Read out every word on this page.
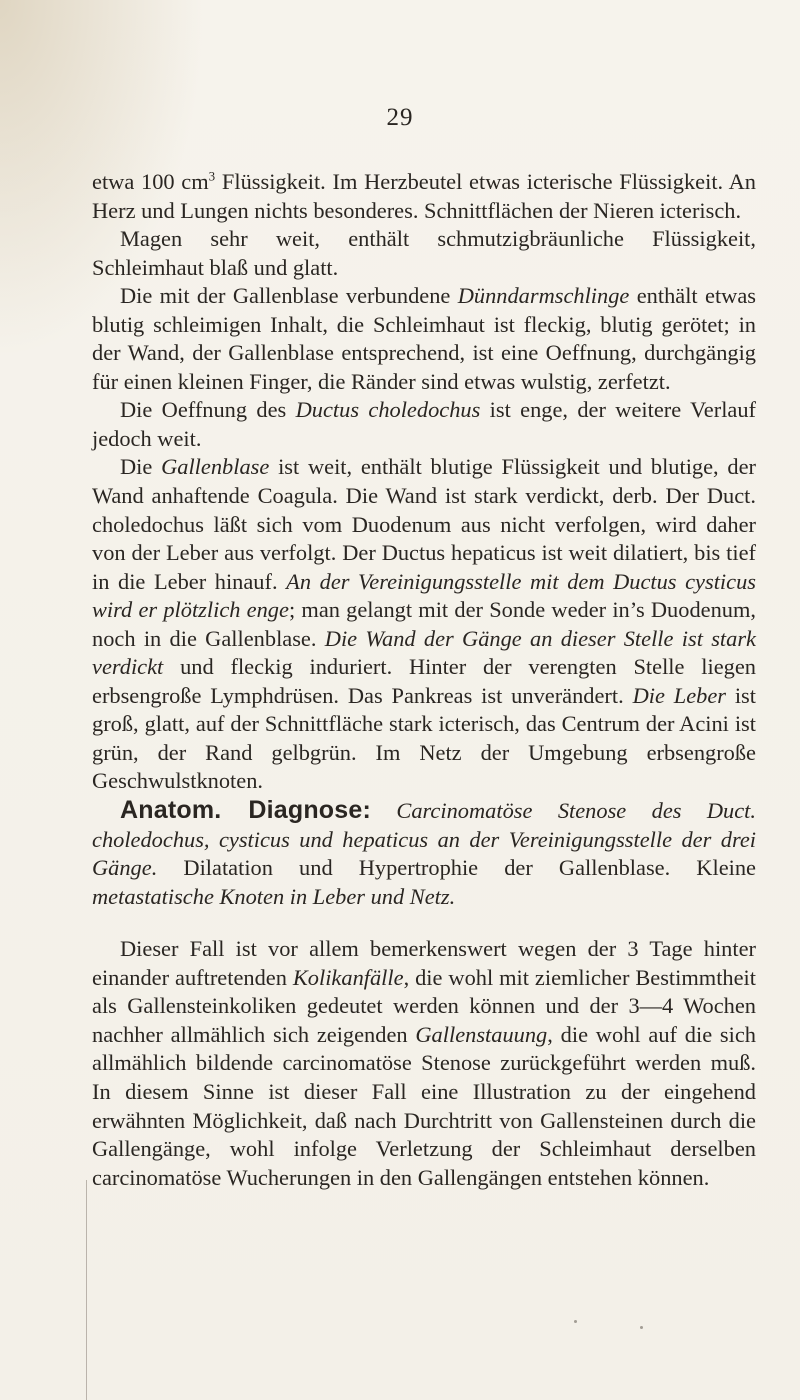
29

etwa 100 $cm^3$ Flüssigkeit. Im Herzbeutel etwas icterische Flüssigkeit. An Herz und Lungen nichts besonderes. Schnittflächen der Nieren icterisch.

Magen sehr weit, enthält schmutzigbräunliche Flüssigkeit, Schleimhaut blaß und glatt.

Die mit der Gallenblase verbundene Dünndarmschlinge enthält etwas blutig schleimigen Inhalt, die Schleimhaut ist fleckig, blutig gerötet; in der Wand, der Gallenblase entsprechend, ist eine Oeffnung, durchgängig für einen kleinen Finger, die Ränder sind etwas wulstig, zerfetzt.

Die Oeffnung des Ductus choledochus ist enge, der weitere Verlauf jedoch weit.

Die Gallenblase ist weit, enthält blutige Flüssigkeit und blutige, der Wand anhaftende Coagula. Die Wand ist stark verdickt, derb. Der Duct. choledochus läßt sich vom Duodenum aus nicht verfolgen, wird daher von der Leber aus verfolgt. Der Ductus hepaticus ist weit dilatiert, bis tief in die Leber hinauf. An der Vereinigungsstelle mit dem Ductus cysticus wird er plötzlich enge; man gelangt mit der Sonde weder in’s Duodenum, noch in die Gallenblase. Die Wand der Gänge an dieser Stelle ist stark verdickt und fleckig induriert. Hinter der verengten Stelle liegen erbsengroße Lymphdrüsen. Das Pankreas ist unverändert. Die Leber ist groß, glatt, auf der Schnittfläche stark icterisch, das Centrum der Acini ist grün, der Rand gelbgrün. Im Netz der Umgebung erbsengroße Geschwulstknoten.

Anatom. Diagnose: Carcinomatöse Stenose des Duct. choledochus, cysticus und hepaticus an der Vereinigungsstelle der drei Gänge. Dilatation und Hypertrophie der Gallenblase. Kleine metastatische Knoten in Leber und Netz.

Dieser Fall ist vor allem bemerkenswert wegen der 3 Tage hinter einander auftretenden Kolikanfälle, die wohl mit ziemlicher Bestimmtheit als Gallensteinkoliken gedeutet werden können und der 3—4 Wochen nachher allmählich sich zeigenden Gallenstauung, die wohl auf die sich allmählich bildende carcinomatöse Stenose zurückgeführt werden muß. In diesem Sinne ist dieser Fall eine Illustration zu der eingehend erwähnten Möglichkeit, daß nach Durchtritt von Gallensteinen durch die Gallengänge, wohl infolge Verletzung der Schleimhaut derselben carcinomatöse Wucherungen in den Gallengängen entstehen können.
